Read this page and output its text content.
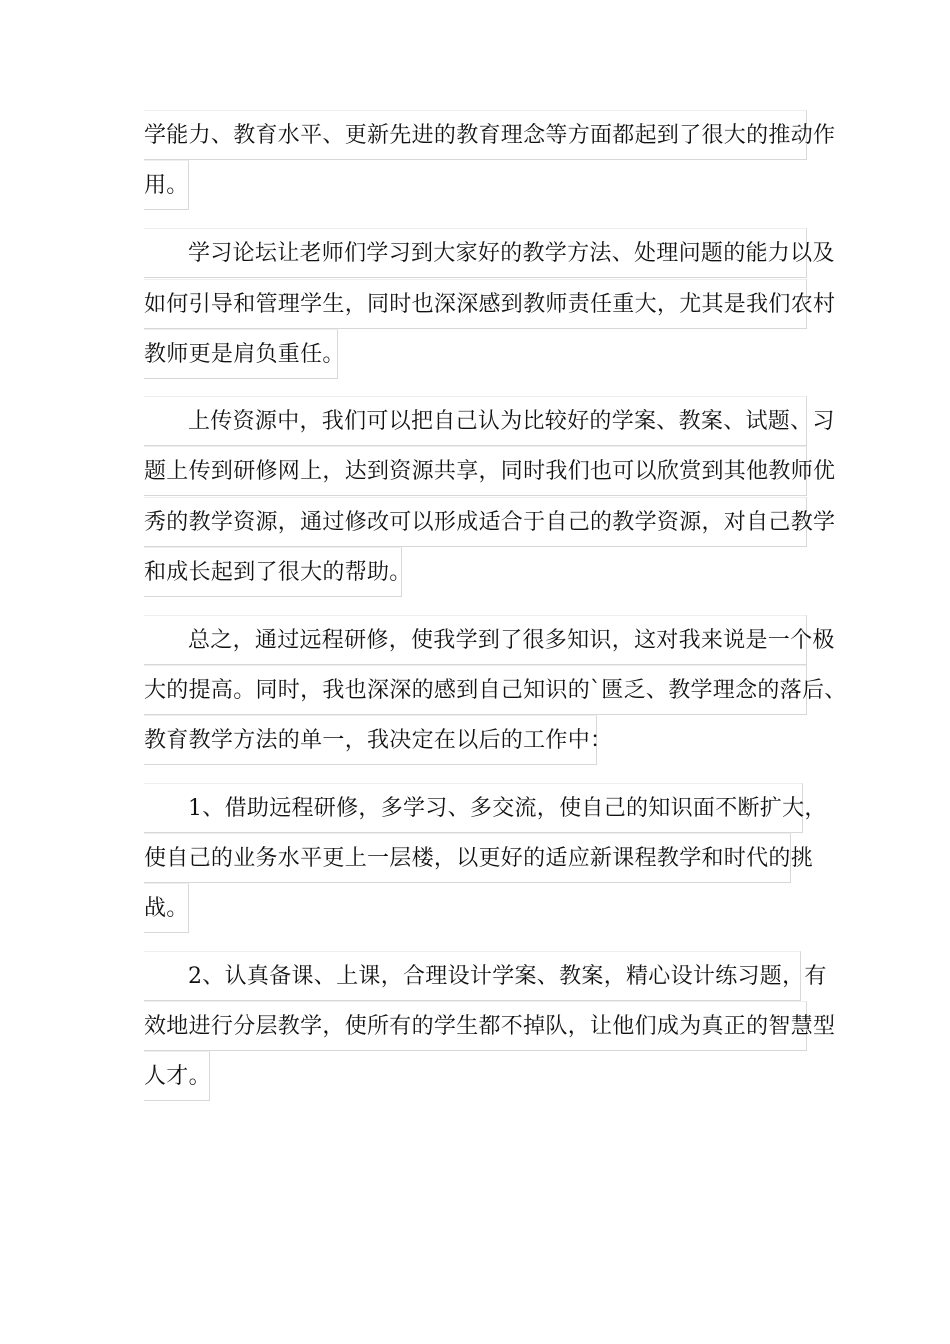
学能力、教育水平、更新先进的教育理念等方面都起到了很大的推动作
用。
学习论坛让老师们学习到大家好的教学方法、处理问题的能力以及
如何引导和管理学生，同时也深深感到教师责任重大，尤其是我们农村
教师更是肩负重任。
上传资源中，我们可以把自己认为比较好的学案、教案、试题、习
题上传到研修网上，达到资源共享，同时我们也可以欣赏到其他教师优
秀的教学资源，通过修改可以形成适合于自己的教学资源，对自己教学
和成长起到了很大的帮助。
总之，通过远程研修，使我学到了很多知识，这对我来说是一个极
大的提高。同时，我也深深的感到自己知识的`匮乏、教学理念的落后、
教育教学方法的单一，我决定在以后的工作中：
1、借助远程研修，多学习、多交流，使自己的知识面不断扩大，
使自己的业务水平更上一层楼，以更好的适应新课程教学和时代的挑
战。
2、认真备课、上课，合理设计学案、教案，精心设计练习题，有
效地进行分层教学，使所有的学生都不掉队，让他们成为真正的智慧型
人才。
